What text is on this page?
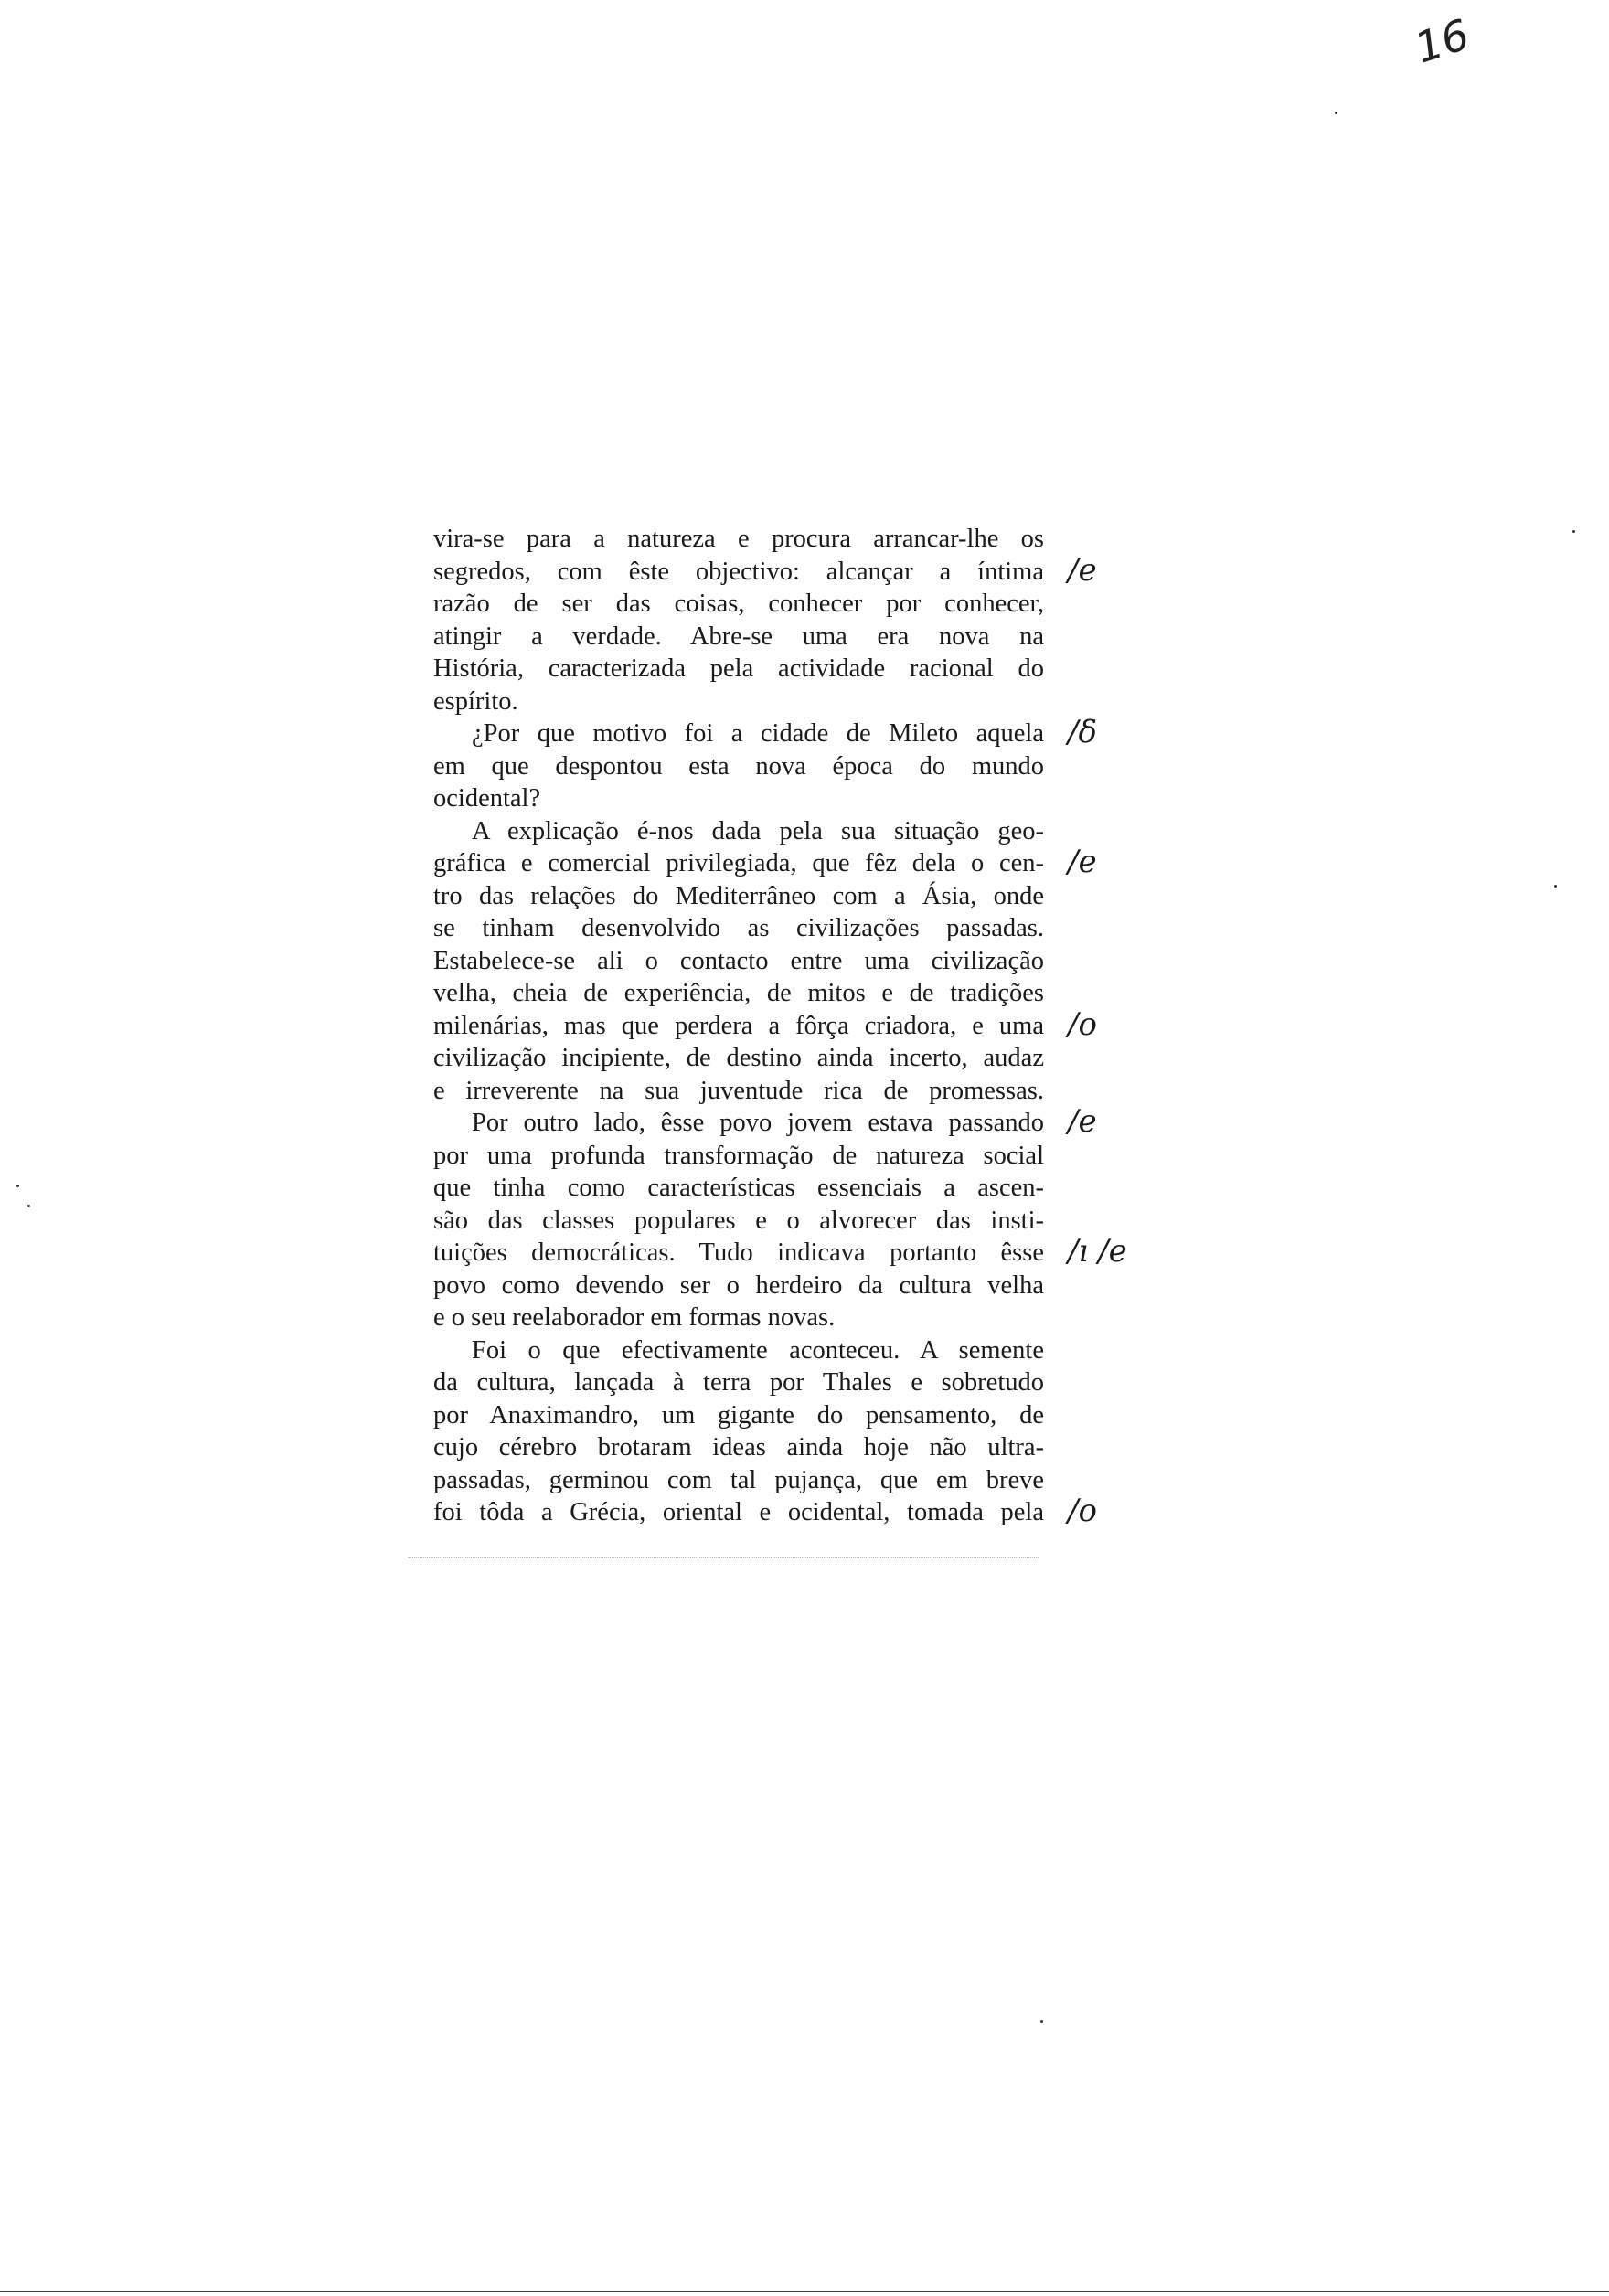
16
vira-se para a natureza e procura arrancar-lhe os
segredos, com êste objectivo: alcançar a íntima
razão de ser das coisas, conhecer por conhecer,
atingir a verdade. Abre-se uma era nova na
História, caracterizada pela actividade racional do
espírito.
¿Por que motivo foi a cidade de Mileto aquela
em que despontou esta nova época do mundo
ocidental?
A explicação é-nos dada pela sua situação geo-
gráfica e comercial privilegiada, que fêz dela o cen-
tro das relações do Mediterrâneo com a Ásia, onde
se tinham desenvolvido as civilizações passadas.
Estabelece-se ali o contacto entre uma civilização
velha, cheia de experiência, de mitos e de tradições
milenárias, mas que perdera a fôrça criadora, e uma
civilização incipiente, de destino ainda incerto, audaz
e irreverente na sua juventude rica de promessas.
Por outro lado, êsse povo jovem estava passando
por uma profunda transformação de natureza social
que tinha como características essenciais a ascen-
são das classes populares e o alvorecer das insti-
tuições democráticas. Tudo indicava portanto êsse
povo como devendo ser o herdeiro da cultura velha
e o seu reelaborador em formas novas.
Foi o que efectivamente aconteceu. A semente
da cultura, lançada à terra por Thales e sobretudo
por Anaximandro, um gigante do pensamento, de
cujo cérebro brotaram ideas ainda hoje não ultra-
passadas, germinou com tal pujança, que em breve
foi tôda a Grécia, oriental e ocidental, tomada pela
/e
/δ
/e
/o
/e
/ı /e
/o
